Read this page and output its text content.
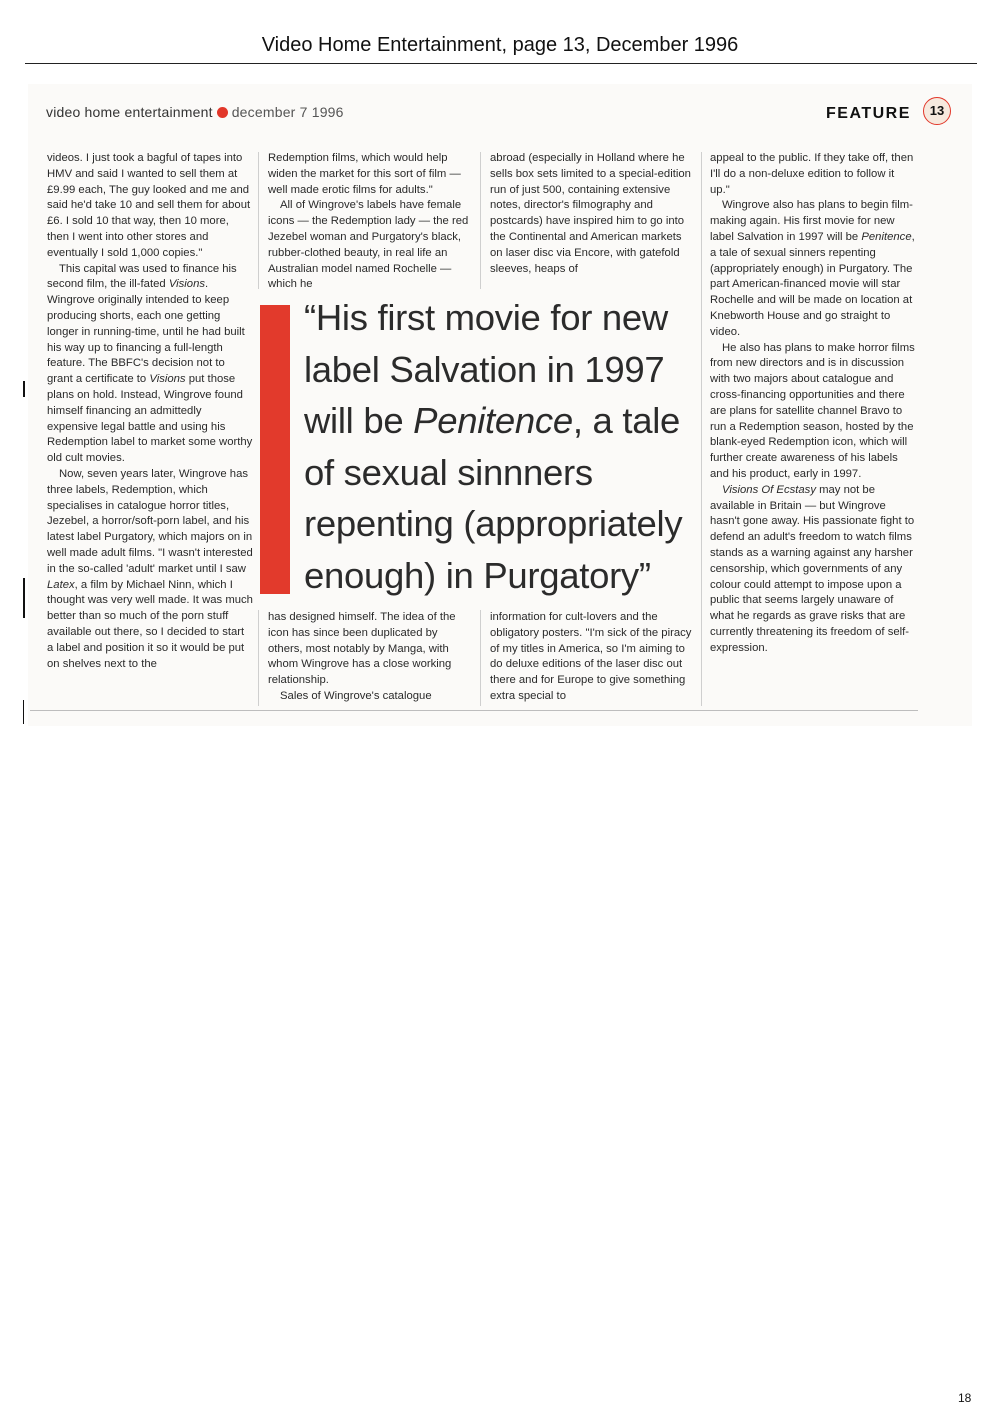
Video Home Entertainment, page 13, December 1996
video home entertainment december 7 1996	FEATURE	13

videos. I just took a bagful of tapes into HMV and said I wanted to sell them at £9.99 each, The guy looked and me and said he'd take 10 and sell them for about £6. I sold 10 that way, then 10 more, then I went into other stores and eventually I sold 1,000 copies."

This capital was used to finance his second film, the ill-fated Visions. Wingrove originally intended to keep producing shorts, each one getting longer in running-time, until he had built his way up to financing a full-length feature. The BBFC's decision not to grant a certificate to Visions put those plans on hold. Instead, Wingrove found himself financing an admittedly expensive legal battle and using his Redemption label to market some worthy old cult movies.

Now, seven years later, Wingrove has three labels, Redemption, which specialises in catalogue horror titles, Jezebel, a horror/soft-porn label, and his latest label Purgatory, which majors on in well made adult films. "I wasn't interested in the so-called 'adult' market until I saw Latex, a film by Michael Ninn, which I thought was very well made. It was much better than so much of the porn stuff available out there, so I decided to start a label and position it so it would be put on shelves next to the

Redemption films, which would help widen the market for this sort of film — well made erotic films for adults."

All of Wingrove's labels have female icons — the Redemption lady — the red Jezebel woman and Purgatory's black, rubber-clothed beauty, in real life an Australian model named Rochelle — which he

has designed himself. The idea of the icon has since been duplicated by others, most notably by Manga, with whom Wingrove has a close working relationship.

Sales of Wingrove's catalogue

abroad (especially in Holland where he sells box sets limited to a special-edition run of just 500, containing extensive notes, director's filmography and postcards) have inspired him to go into the Continental and American markets on laser disc via Encore, with gatefold sleeves, heaps of

information for cult-lovers and the obligatory posters. "I'm sick of the piracy of my titles in America, so I'm aiming to do deluxe editions of the laser disc out there and for Europe to give something extra special to

appeal to the public. If they take off, then I'll do a non-deluxe edition to follow it up."

Wingrove also has plans to begin film-making again. His first movie for new label Salvation in 1997 will be Penitence, a tale of sexual sinners repenting (appropriately enough) in Purgatory. The part American-financed movie will star Rochelle and will be made on location at Knebworth House and go straight to video.

He also has plans to make horror films from new directors and is in discussion with two majors about catalogue and cross-financing opportunities and there are plans for satellite channel Bravo to run a Redemption season, hosted by the blank-eyed Redemption icon, which will further create awareness of his labels and his product, early in 1997.

Visions Of Ecstasy may not be available in Britain — but Wingrove hasn't gone away. His passionate fight to defend an adult's freedom to watch films stands as a warning against any harsher censorship, which governments of any colour could attempt to impose upon a public that seems largely unaware of what he regards as grave risks that are currently threatening its freedom of self-expression.

“His first movie for new

label Salvation in 1997

will be Penitence, a tale

of sexual sinnners

repenting (appropriately

enough) in Purgatory”

18
